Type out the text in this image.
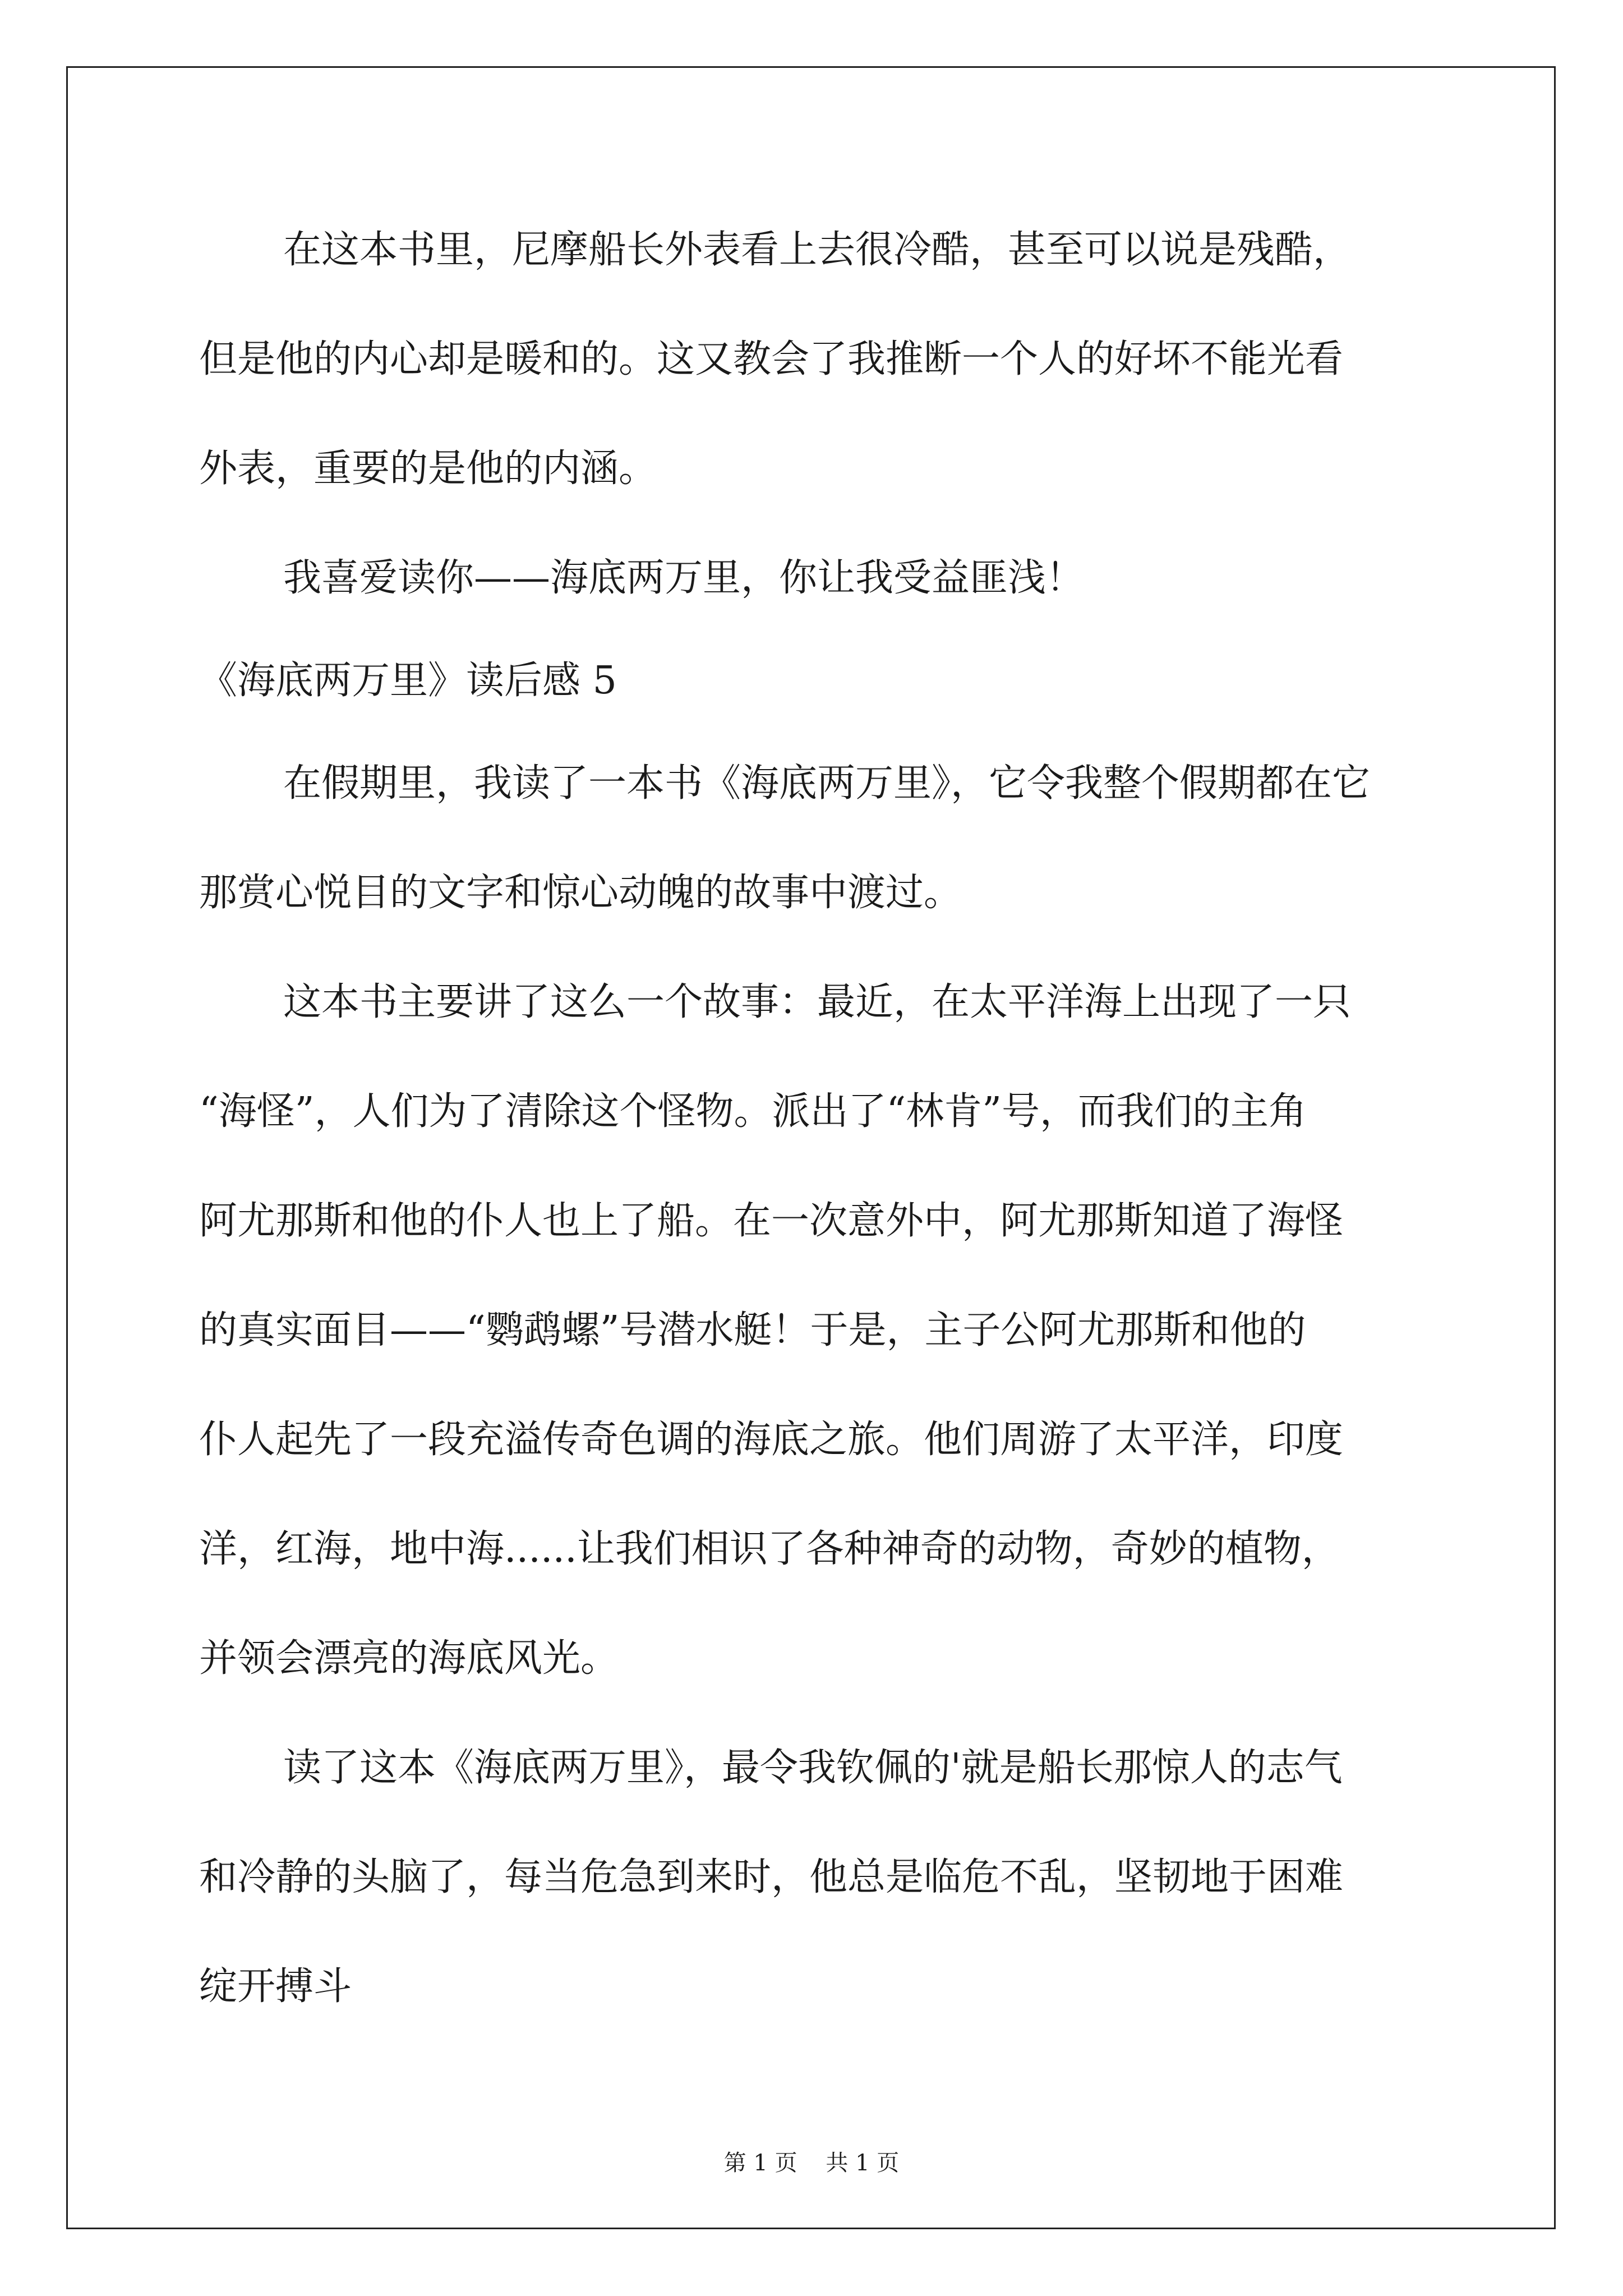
在这本书里，尼摩船长外表看上去很冷酷，甚至可以说是残酷，
但是他的内心却是暖和的。这又教会了我推断一个人的好坏不能光看
外表，重要的是他的内涵。
我喜爱读你——海底两万里，你让我受益匪浅！
《海底两万里》读后感 5
在假期里，我读了一本书《海底两万里》，它令我整个假期都在它
那赏心悦目的文字和惊心动魄的故事中渡过。
这本书主要讲了这么一个故事：最近，在太平洋海上出现了一只
“海怪”，人们为了清除这个怪物。派出了“林肯”号，而我们的主角
阿尤那斯和他的仆人也上了船。在一次意外中，阿尤那斯知道了海怪
的真实面目——“鹦鹉螺”号潜水艇！于是，主子公阿尤那斯和他的
仆人起先了一段充溢传奇色调的海底之旅。他们周游了太平洋，印度
洋，红海，地中海......让我们相识了各种神奇的动物，奇妙的植物，
并领会漂亮的海底风光。
读了这本《海底两万里》，最令我钦佩的'就是船长那惊人的志气
和冷静的头脑了，每当危急到来时，他总是临危不乱，坚韧地于困难
绽开搏斗
第 1 页    共 1 页
